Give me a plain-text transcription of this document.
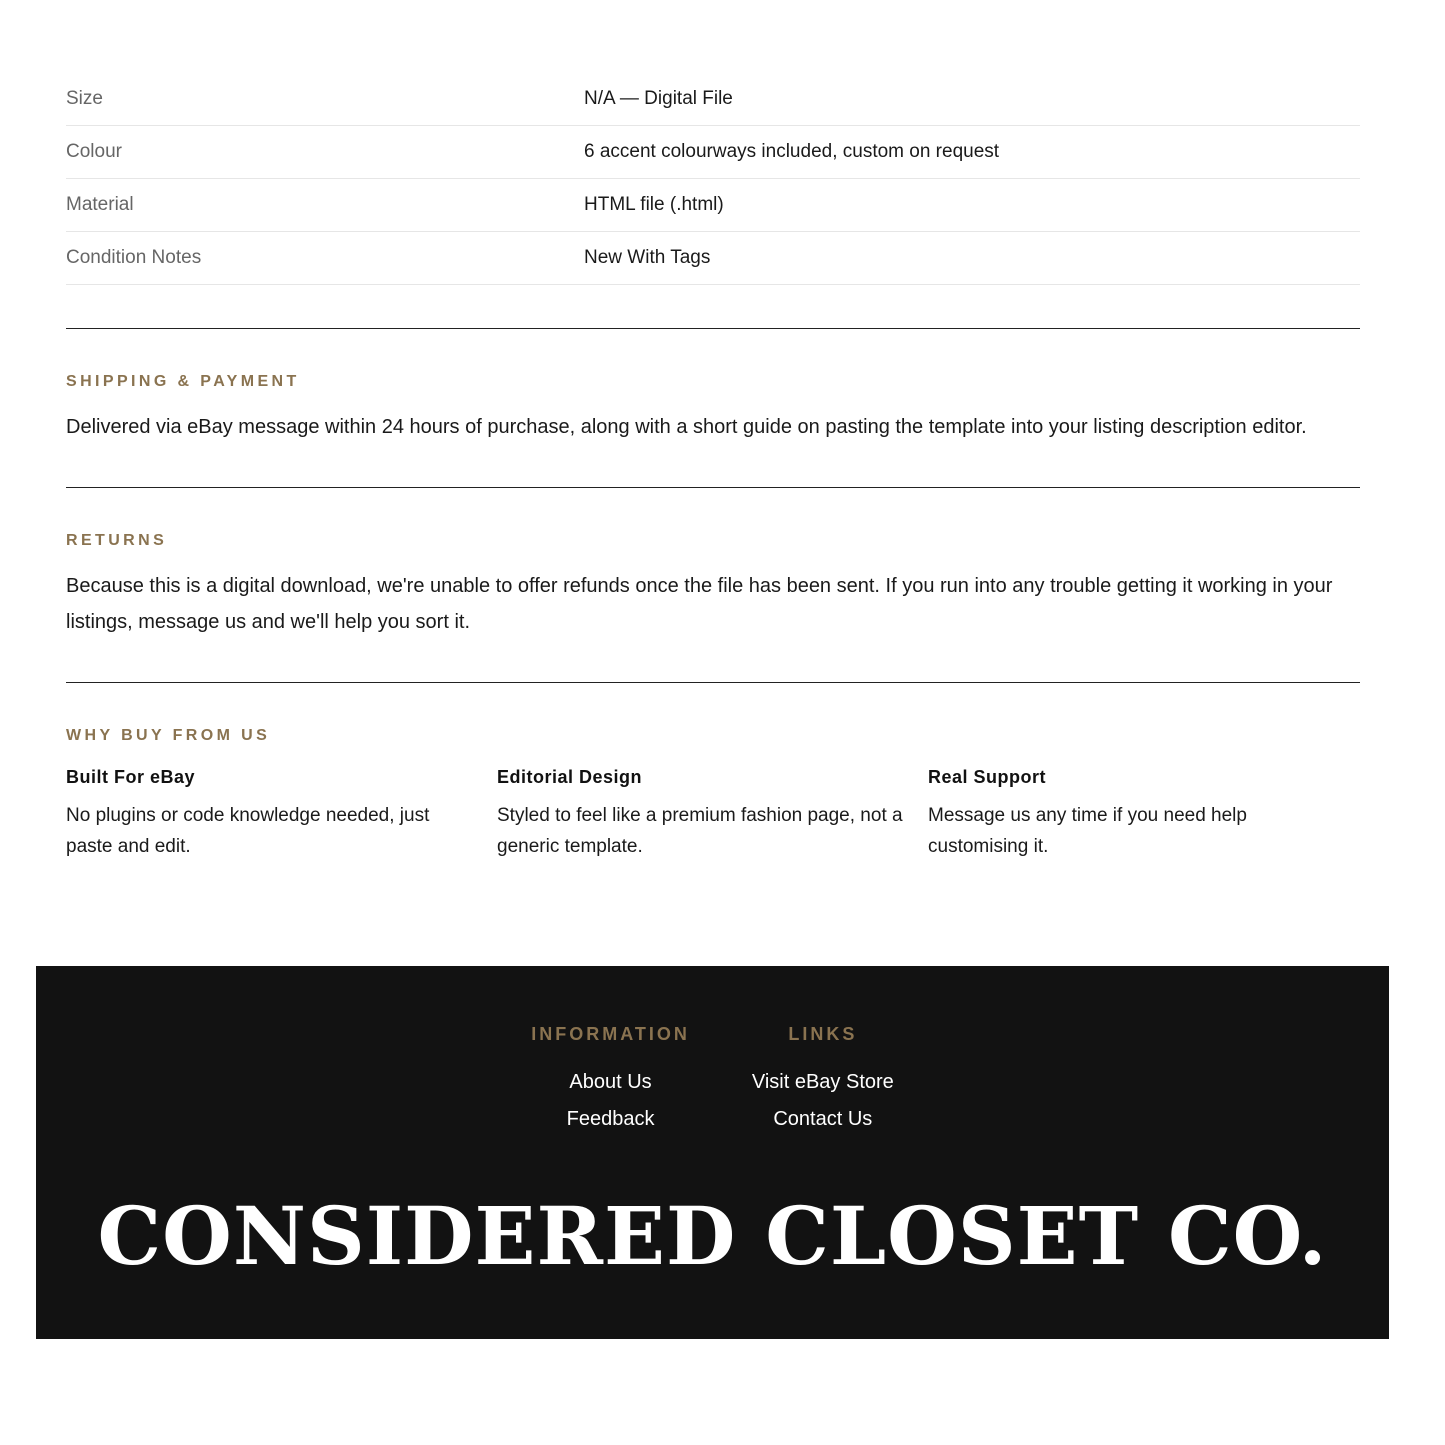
Size	N/A — Digital File
Colour	6 accent colourways included, custom on request
Material	HTML file (.html)
Condition Notes	New With Tags
SHIPPING & PAYMENT

Delivered via eBay message within 24 hours of purchase, along with a short guide on pasting the template into your listing description editor.

RETURNS

Because this is a digital download, we're unable to offer refunds once the file has been sent. If you run into any trouble getting it working in your listings, message us and we'll help you sort it.

WHY BUY FROM US
Built For eBay
No plugins or code knowledge needed, just paste and edit.
Editorial Design
Styled to feel like a premium fashion page, not a generic template.
Real Support
Message us any time if you need help customising it.
INFORMATION
About Us
Feedback
LINKS
Visit eBay Store
Contact Us
CONSIDERED CLOSET CO.
